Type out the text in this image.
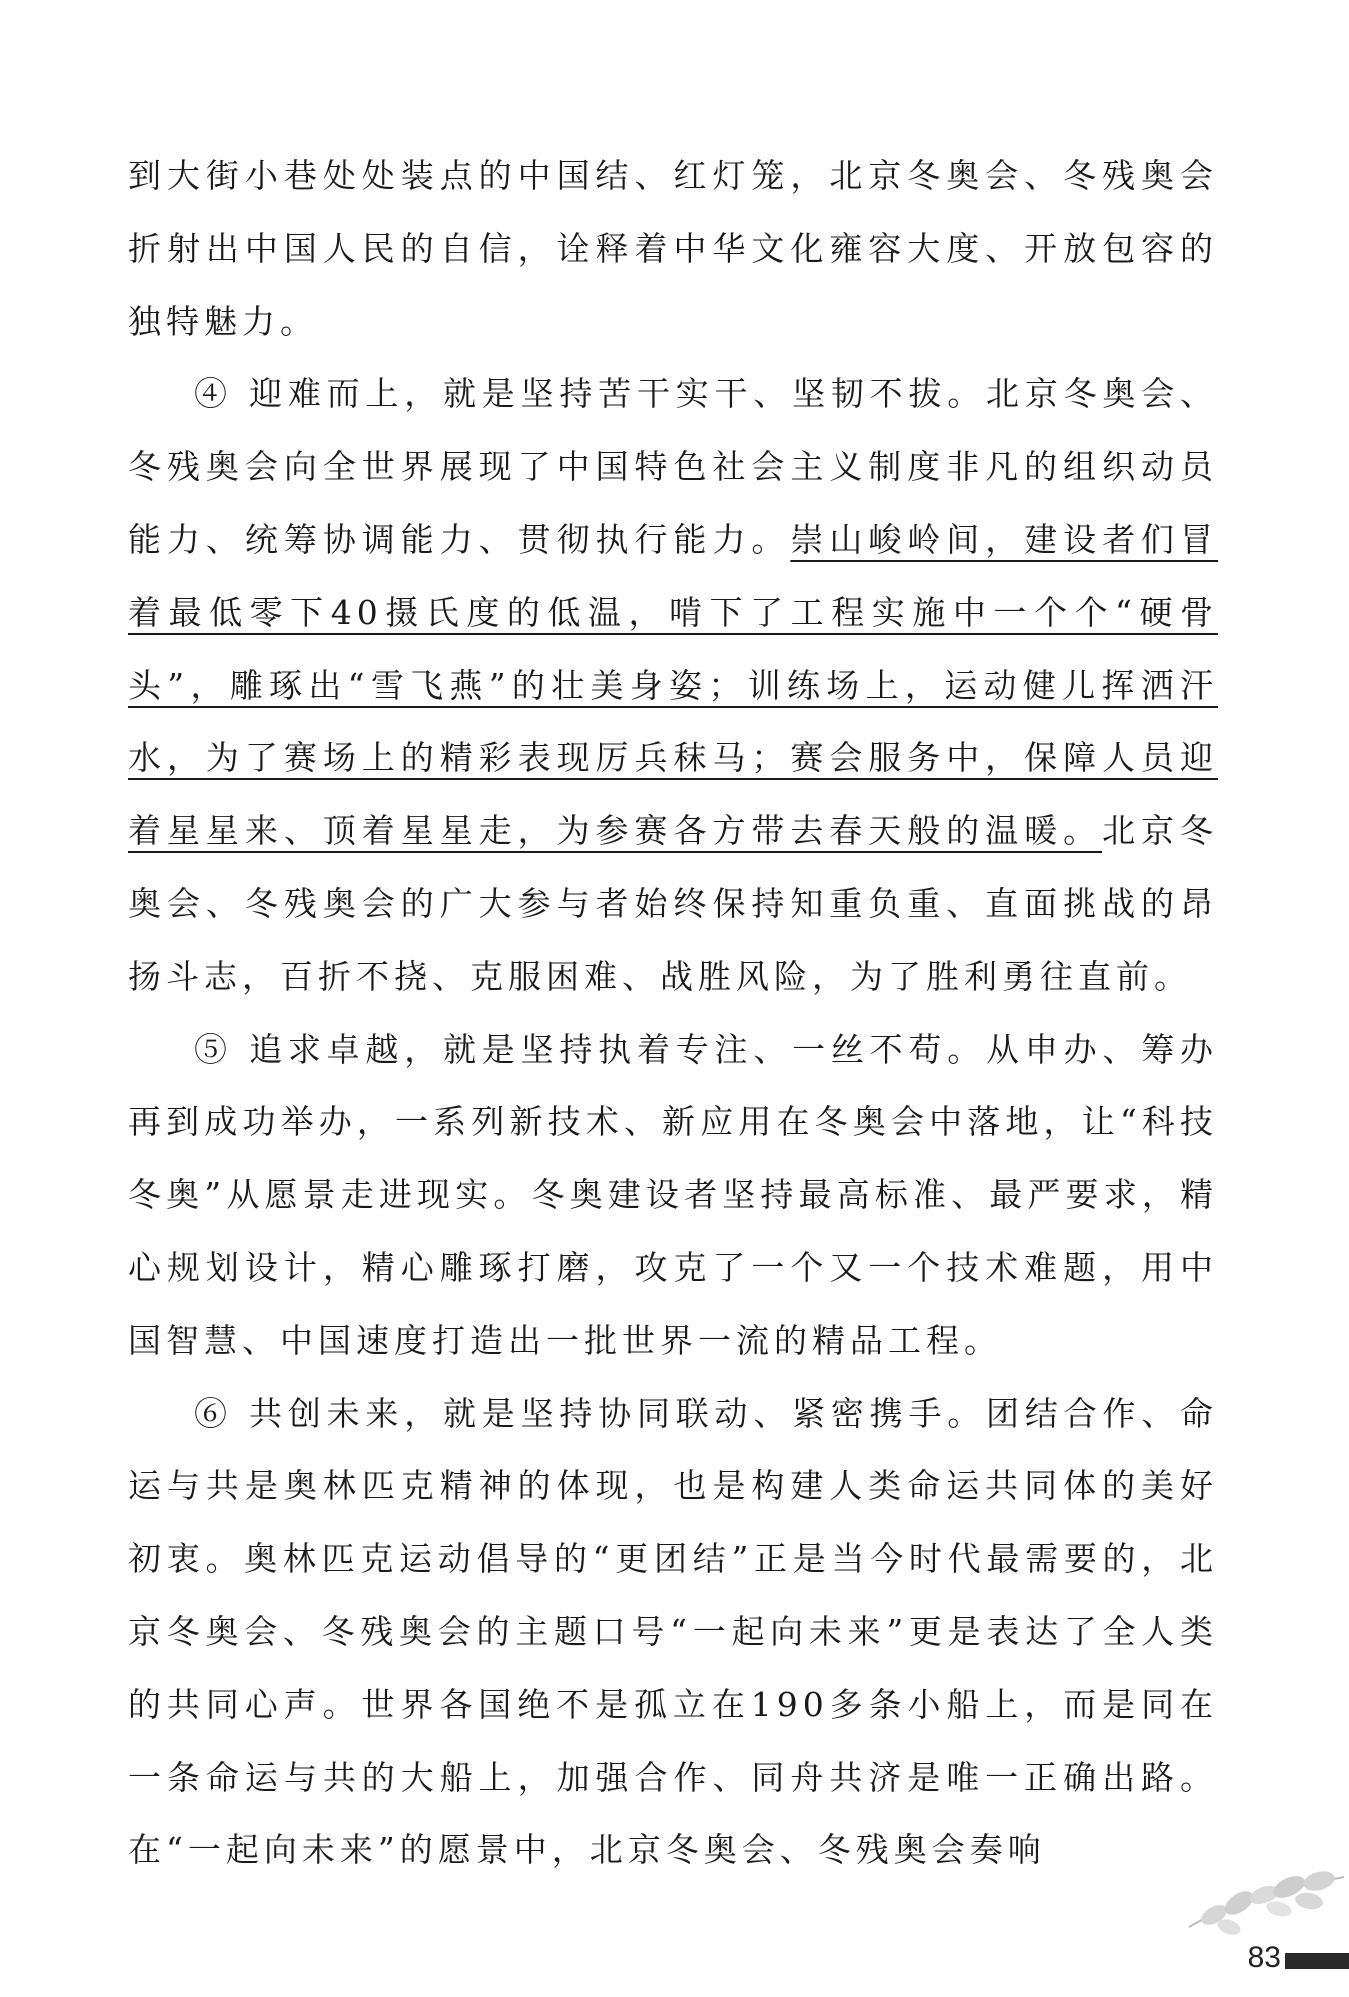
到大街小巷处处装点的中国结、红灯笼，北京冬奥会、冬残奥会折射出中国人民的自信，诠释着中华文化雍容大度、开放包容的独特魅力。

④ 迎难而上，就是坚持苦干实干、坚韧不拔。北京冬奥会、冬残奥会向全世界展现了中国特色社会主义制度非凡的组织动员能力、统筹协调能力、贯彻执行能力。崇山峻岭间，建设者们冒着最低零下40摄氏度的低温，啃下了工程实施中一个个“硬骨头”，雕琢出“雪飞燕”的壮美身姿；训练场上，运动健儿挥洒汗水，为了赛场上的精彩表现厉兵秣马；赛会服务中，保障人员迎着星星来、顶着星星走，为参赛各方带去春天般的温暖。北京冬奥会、冬残奥会的广大参与者始终保持知重负重、直面挑战的昂扬斗志，百折不挠、克服困难、战胜风险，为了胜利勇往直前。

⑤ 追求卓越，就是坚持执着专注、一丝不苟。从申办、筹办再到成功举办，一系列新技术、新应用在冬奥会中落地，让“科技冬奥”从愿景走进现实。冬奥建设者坚持最高标准、最严要求，精心规划设计，精心雕琢打磨，攻克了一个又一个技术难题，用中国智慧、中国速度打造出一批世界一流的精品工程。

⑥ 共创未来，就是坚持协同联动、紧密携手。团结合作、命运与共是奥林匹克精神的体现，也是构建人类命运共同体的美好初衷。奥林匹克运动倡导的“更团结”正是当今时代最需要的，北京冬奥会、冬残奥会的主题口号“一起向未来”更是表达了全人类的共同心声。世界各国绝不是孤立在190多条小船上，而是同在一条命运与共的大船上，加强合作、同舟共济是唯一正确出路。在“一起向未来”的愿景中，北京冬奥会、冬残奥会奏响

83
